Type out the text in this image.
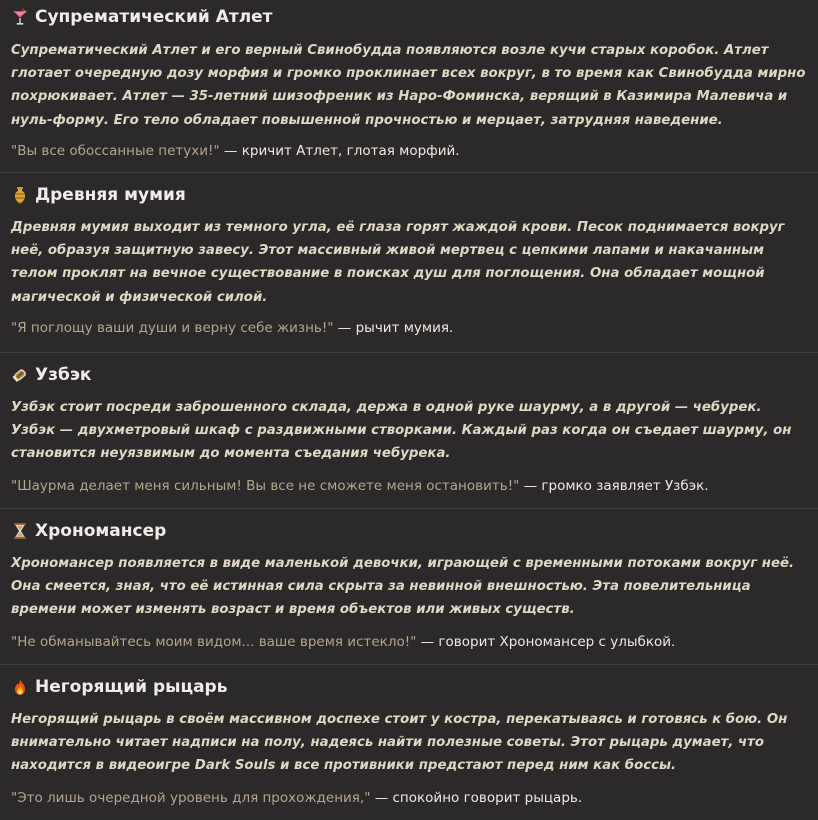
Супрематический Атлет

Супрематический Атлет и его верный Свинобудда появляются возле кучи старых коробок. Атлет глотает очередную дозу морфия и громко проклинает всех вокруг, в то время как Свинобудда мирно похрюкивает. Атлет — 35-летний шизофреник из Наро-Фоминска, верящий в Казимира Малевича и нуль-форму. Его тело обладает повышенной прочностью и мерцает, затрудняя наведение.

"Вы все обоссанные петухи!" — кричит Атлет, глотая морфий.

Древняя мумия

Древняя мумия выходит из темного угла, её глаза горят жаждой крови. Песок поднимается вокруг неё, образуя защитную завесу. Этот массивный живой мертвец с цепкими лапами и накачанным телом проклят на вечное существование в поисках душ для поглощения. Она обладает мощной магической и физической силой.

"Я поглощу ваши души и верну себе жизнь!" — рычит мумия.

Узбэк

Узбэк стоит посреди заброшенного склада, держа в одной руке шаурму, а в другой — чебурек. Узбэк — двухметровый шкаф с раздвижными створками. Каждый раз когда он съедает шаурму, он становится неуязвимым до момента съедания чебурека.

"Шаурма делает меня сильным! Вы все не сможете меня остановить!" — громко заявляет Узбэк.

Хрономансер

Хрономансер появляется в виде маленькой девочки, играющей с временными потоками вокруг неё. Она смеется, зная, что её истинная сила скрыта за невинной внешностью. Эта повелительница времени может изменять возраст и время объектов или живых существ.

"Не обманывайтесь моим видом... ваше время истекло!" — говорит Хрономансер с улыбкой.

Негорящий рыцарь

Негорящий рыцарь в своём массивном доспехе стоит у костра, перекатываясь и готовясь к бою. Он внимательно читает надписи на полу, надеясь найти полезные советы. Этот рыцарь думает, что находится в видеоигре Dark Souls и все противники предстают перед ним как боссы.

"Это лишь очередной уровень для прохождения," — спокойно говорит рыцарь.
